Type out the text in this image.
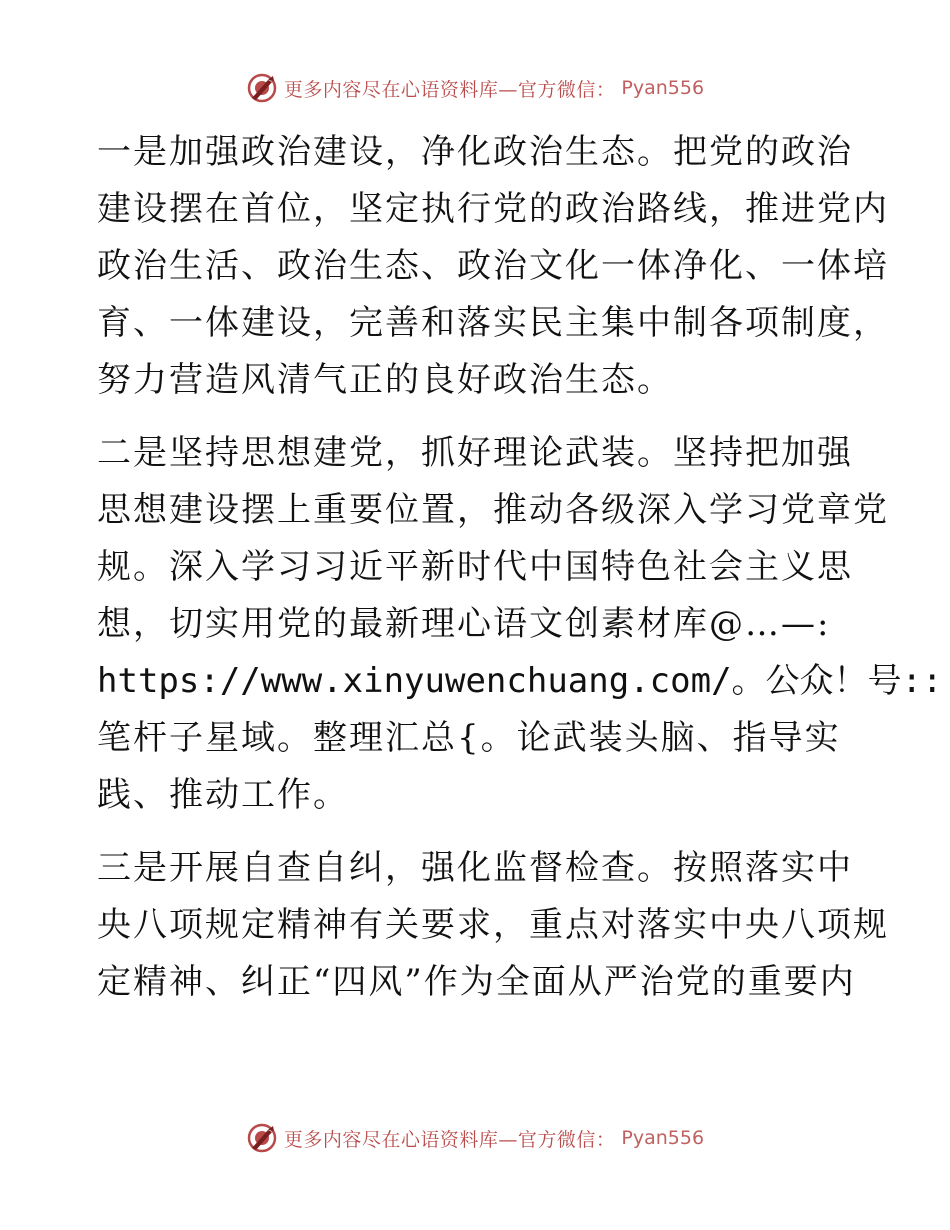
更多内容尽在心语资料库—官方微信： Pyan556
一是加强政治建设，净化政治生态。把党的政治
建设摆在首位，坚定执行党的政治路线，推进党内
政治生活、政治生态、政治文化一体净化、一体培
育、一体建设，完善和落实民主集中制各项制度，
努力营造风清气正的良好政治生态。
二是坚持思想建党，抓好理论武装。坚持把加强
思想建设摆上重要位置，推动各级深入学习党章党
规。深入学习习近平新时代中国特色社会主义思
想，切实用党的最新理心语文创素材库@…—:
https://www.xinyuwenchuang.com/。公众！号::
笔杆子星域。整理汇总{。论武装头脑、指导实
践、推动工作。
三是开展自查自纠，强化监督检查。按照落实中
央八项规定精神有关要求，重点对落实中央八项规
定精神、纠正“四风”作为全面从严治党的重要内
更多内容尽在心语资料库—官方微信： Pyan556
